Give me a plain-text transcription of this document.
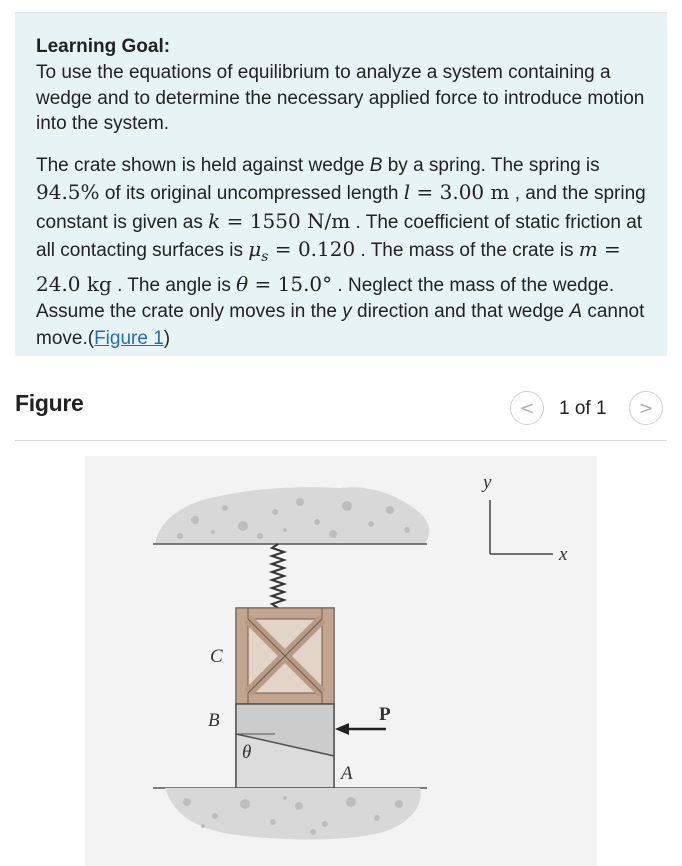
Learning Goal:
To use the equations of equilibrium to analyze a system containing a wedge and to determine the necessary applied force to introduce motion into the system.
The crate shown is held against wedge B by a spring. The spring is 94.5% of its original uncompressed length l = 3.00 m , and the spring constant is given as k = 1550 N/m . The coefficient of static friction at all contacting surfaces is $\mu_s = 0.120$ . The mass of the crate is m = 24.0 kg . The angle is θ = 15.0° . Neglect the mass of the wedge. Assume the crate only moves in the y direction and that wedge A cannot move.(Figure 1)
Figure	< 1 of 1 >
C
B
θ
A
P
y
x
